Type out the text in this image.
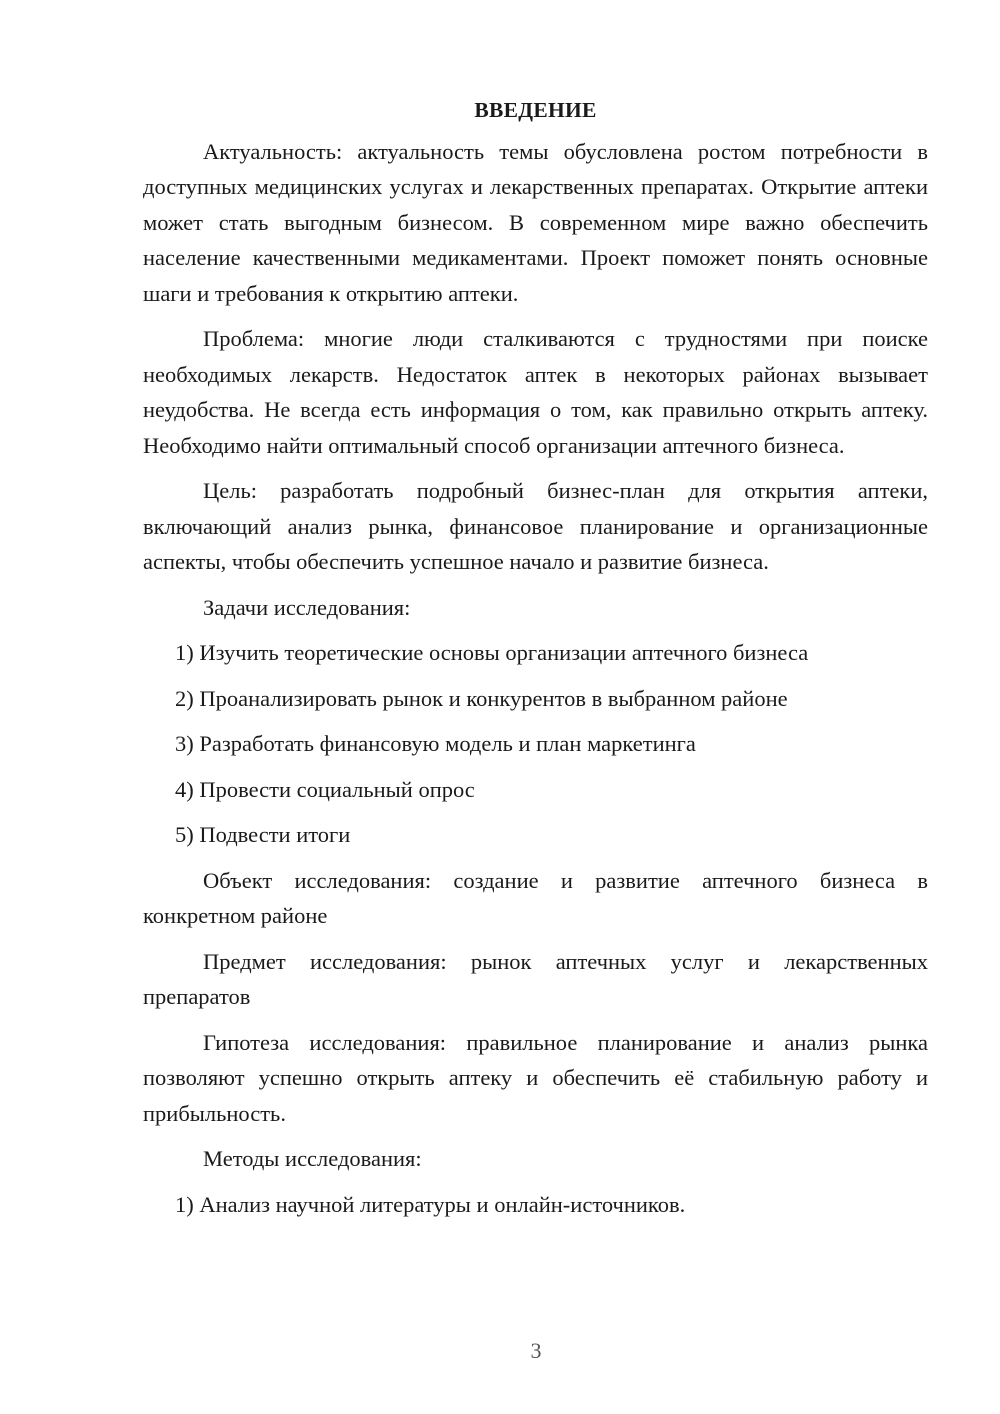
ВВЕДЕНИЕ

Актуальность: актуальность темы обусловлена ростом потребности в доступных медицинских услугах и лекарственных препаратах. Открытие аптеки может стать выгодным бизнесом. В современном мире важно обеспечить население качественными медикаментами. Проект поможет понять основные шаги и требования к открытию аптеки.

Проблема: многие люди сталкиваются с трудностями при поиске необходимых лекарств. Недостаток аптек в некоторых районах вызывает неудобства. Не всегда есть информация о том, как правильно открыть аптеку. Необходимо найти оптимальный способ организации аптечного бизнеса.

Цель: разработать подробный бизнес-план для открытия аптеки, включающий анализ рынка, финансовое планирование и организационные аспекты, чтобы обеспечить успешное начало и развитие бизнеса.

Задачи исследования:

1) Изучить теоретические основы организации аптечного бизнеса
2) Проанализировать рынок и конкурентов в выбранном районе
3) Разработать финансовую модель и план маркетинга
4) Провести социальный опрос
5) Подвести итоги

Объект исследования: создание и развитие аптечного бизнеса в конкретном районе

Предмет исследования: рынок аптечных услуг и лекарственных препаратов

Гипотеза исследования: правильное планирование и анализ рынка позволяют успешно открыть аптеку и обеспечить её стабильную работу и прибыльность.

Методы исследования:

1) Анализ научной литературы и онлайн-источников.
3
